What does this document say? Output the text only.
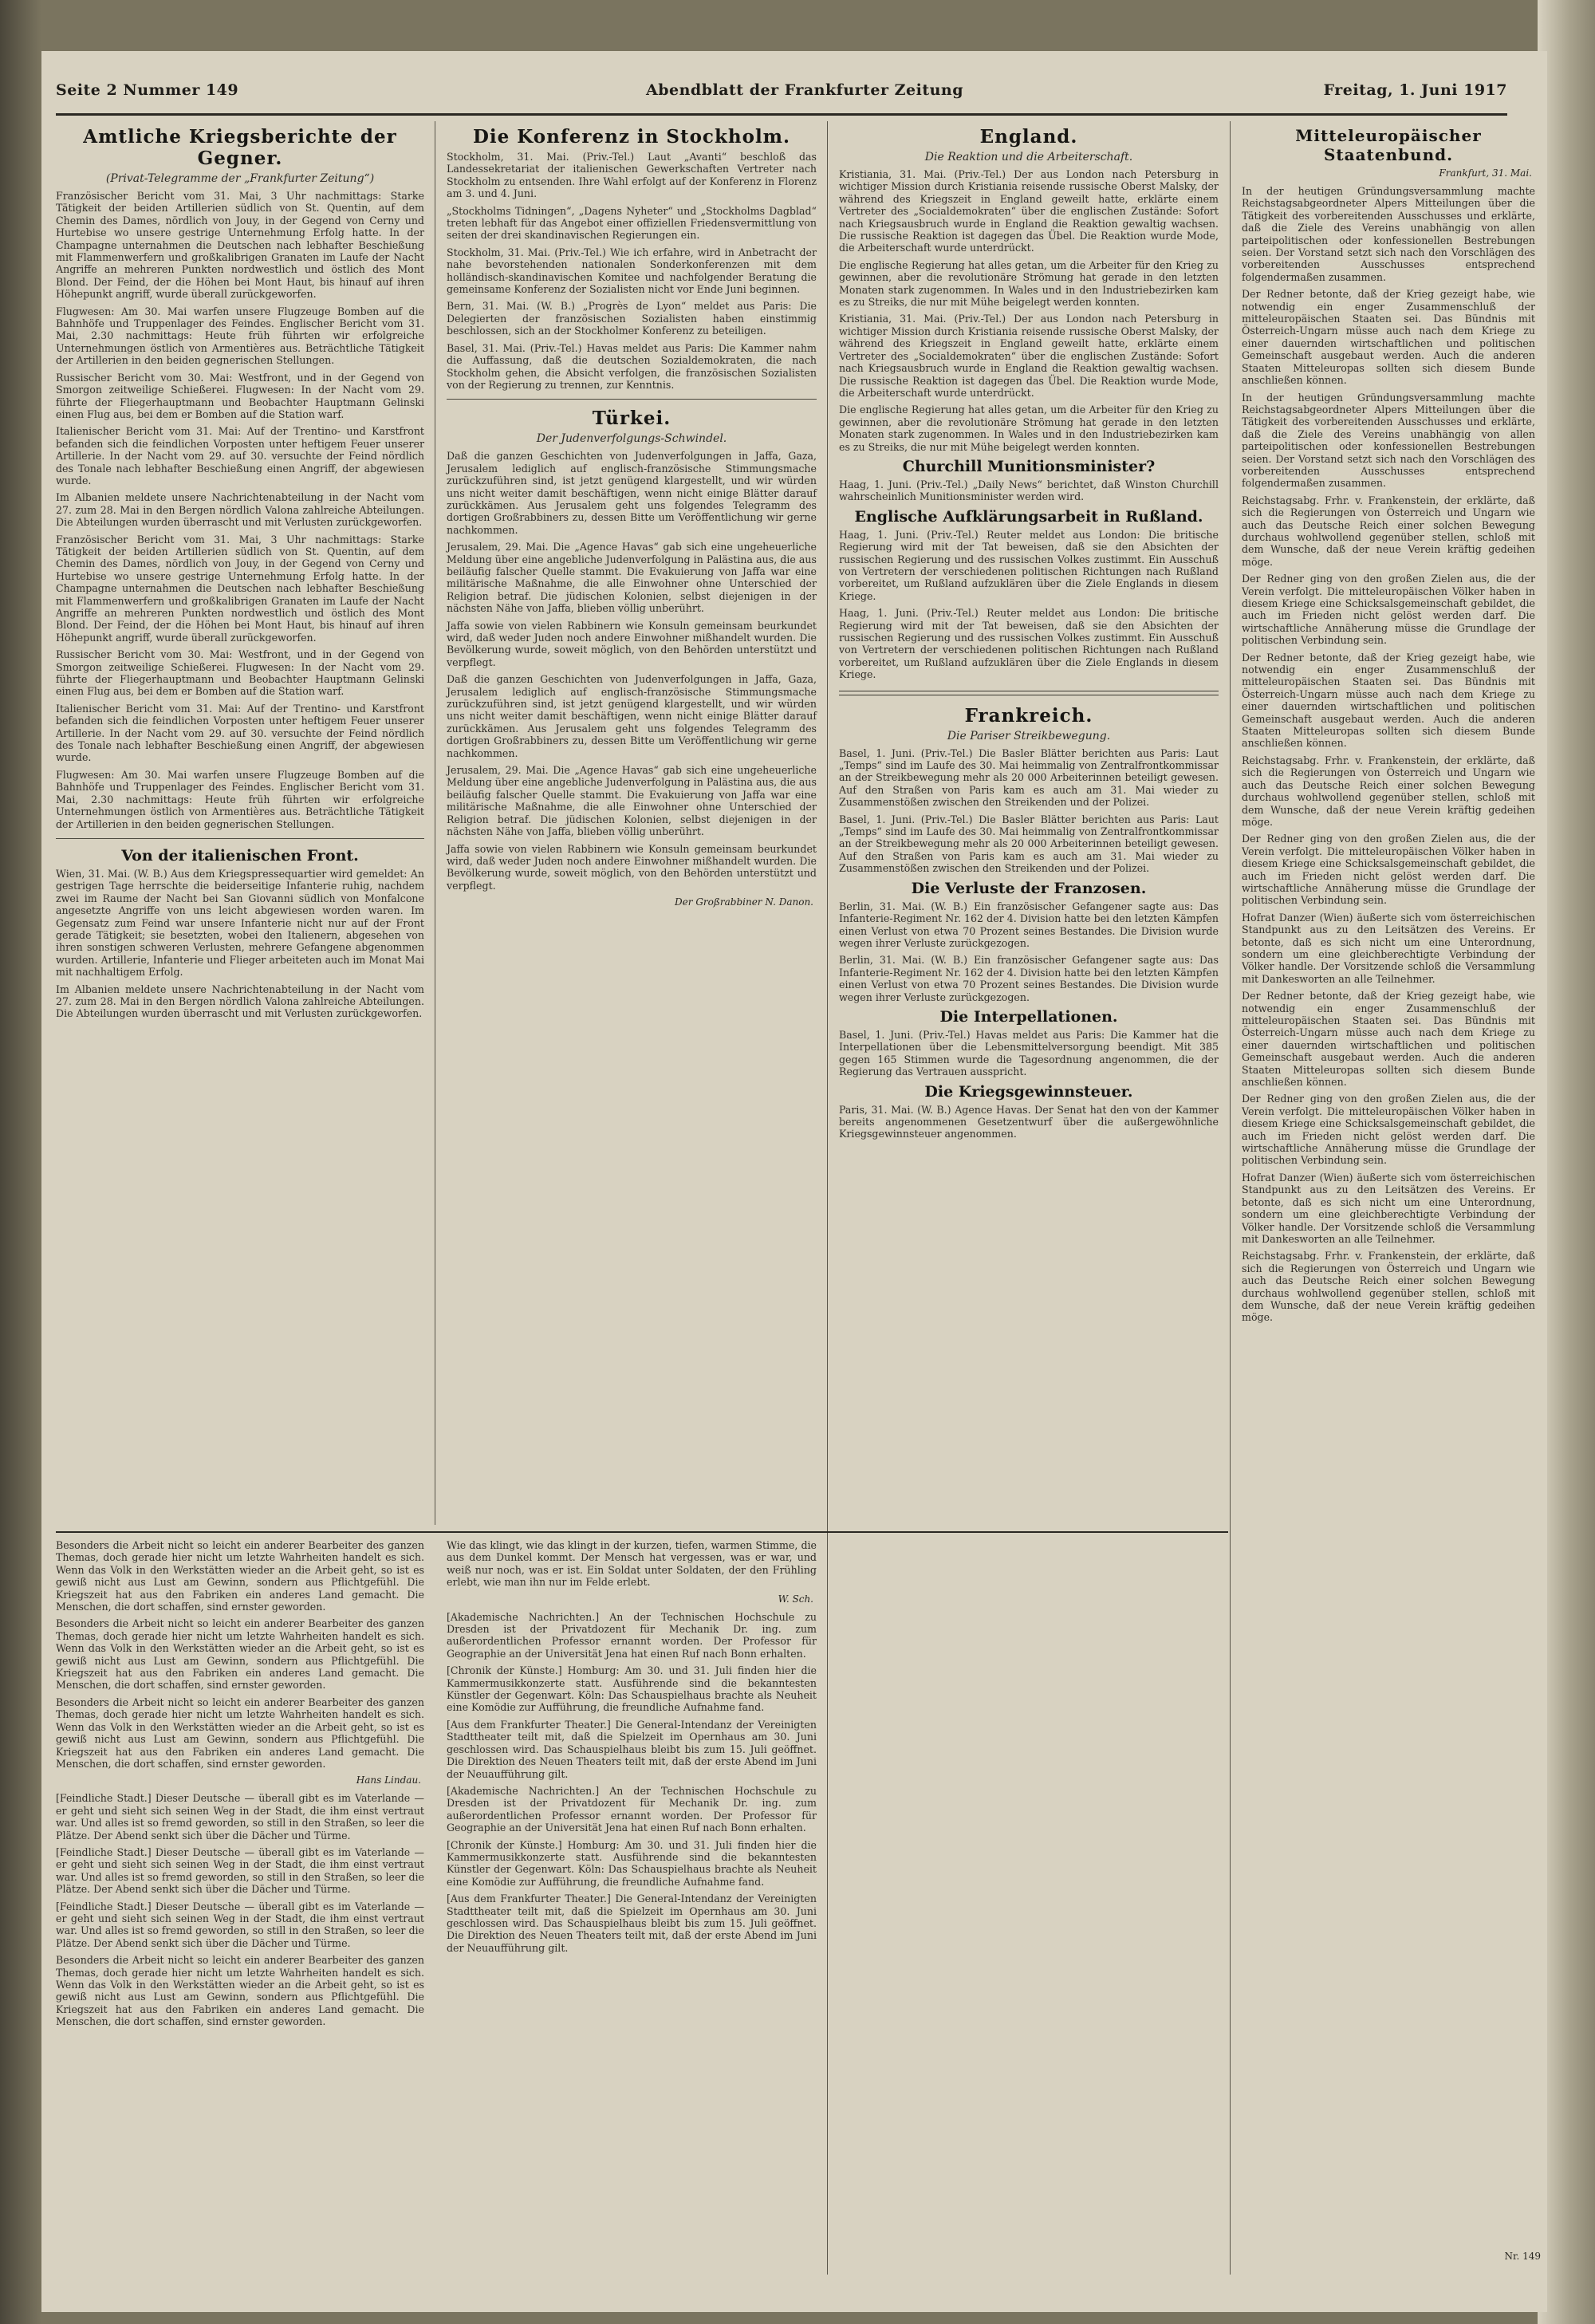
Seite 2 Nummer 149	Abendblatt der Frankfurter Zeitung	Freitag, 1. Juni 1917
Amtliche Kriegsberichte der Gegner.
(Privat-Telegramme der „Frankfurter Zeitung“)

Französischer Bericht vom 31. Mai, 3 Uhr nachmittags: Starke Tätigkeit der beiden Artillerien südlich von St. Quentin, auf dem Chemin des Dames, nördlich von Jouy, in der Gegend von Cerny und Hurtebise wo unsere gestrige Unternehmung Erfolg hatte. In der Champagne unternahmen die Deutschen nach lebhafter Beschießung mit Flammenwerfern und großkalibrigen Granaten im Laufe der Nacht Angriffe an mehreren Punkten nordwestlich und östlich des Mont Blond. Der Feind, der die Höhen bei Mont Haut, bis hinauf auf ihren Höhepunkt angriff, wurde überall zurückgeworfen.

Flugwesen: Am 30. Mai warfen unsere Flugzeuge Bomben auf die Bahnhöfe und Truppenlager des Feindes. Englischer Bericht vom 31. Mai, 2.30 nachmittags: Heute früh führten wir erfolgreiche Unternehmungen östlich von Armentières aus. Beträchtliche Tätigkeit der Artillerien in den beiden gegnerischen Stellungen.

Russischer Bericht vom 30. Mai: Westfront, und in der Gegend von Smorgon zeitweilige Schießerei. Flugwesen: In der Nacht vom 29. führte der Fliegerhauptmann und Beobachter Hauptmann Gelinski einen Flug aus, bei dem er Bomben auf die Station warf.

Italienischer Bericht vom 31. Mai: Auf der Trentino- und Karstfront befanden sich die feindlichen Vorposten unter heftigem Feuer unserer Artillerie. In der Nacht vom 29. auf 30. versuchte der Feind nördlich des Tonale nach lebhafter Beschießung einen Angriff, der abgewiesen wurde.

Im Albanien meldete unsere Nachrichtenabteilung in der Nacht vom 27. zum 28. Mai in den Bergen nördlich Valona zahlreiche Abteilungen. Die Abteilungen wurden überrascht und mit Verlusten zurückgeworfen.

Französischer Bericht vom 31. Mai, 3 Uhr nachmittags: Starke Tätigkeit der beiden Artillerien südlich von St. Quentin, auf dem Chemin des Dames, nördlich von Jouy, in der Gegend von Cerny und Hurtebise wo unsere gestrige Unternehmung Erfolg hatte. In der Champagne unternahmen die Deutschen nach lebhafter Beschießung mit Flammenwerfern und großkalibrigen Granaten im Laufe der Nacht Angriffe an mehreren Punkten nordwestlich und östlich des Mont Blond. Der Feind, der die Höhen bei Mont Haut, bis hinauf auf ihren Höhepunkt angriff, wurde überall zurückgeworfen.

Russischer Bericht vom 30. Mai: Westfront, und in der Gegend von Smorgon zeitweilige Schießerei. Flugwesen: In der Nacht vom 29. führte der Fliegerhauptmann und Beobachter Hauptmann Gelinski einen Flug aus, bei dem er Bomben auf die Station warf.

Italienischer Bericht vom 31. Mai: Auf der Trentino- und Karstfront befanden sich die feindlichen Vorposten unter heftigem Feuer unserer Artillerie. In der Nacht vom 29. auf 30. versuchte der Feind nördlich des Tonale nach lebhafter Beschießung einen Angriff, der abgewiesen wurde.

Flugwesen: Am 30. Mai warfen unsere Flugzeuge Bomben auf die Bahnhöfe und Truppenlager des Feindes. Englischer Bericht vom 31. Mai, 2.30 nachmittags: Heute früh führten wir erfolgreiche Unternehmungen östlich von Armentières aus. Beträchtliche Tätigkeit der Artillerien in den beiden gegnerischen Stellungen.

Von der italienischen Front.

Wien, 31. Mai. (W. B.) Aus dem Kriegspressequartier wird gemeldet: An gestrigen Tage herrschte die beiderseitige Infanterie ruhig, nachdem zwei im Raume der Nacht bei San Giovanni südlich von Monfalcone angesetzte Angriffe von uns leicht abgewiesen worden waren. Im Gegensatz zum Feind war unsere Infanterie nicht nur auf der Front gerade Tätigkeit; sie besetzten, wobei den Italienern, abgesehen von ihren sonstigen schweren Verlusten, mehrere Gefangene abgenommen wurden. Artillerie, Infanterie und Flieger arbeiteten auch im Monat Mai mit nachhaltigem Erfolg.

Im Albanien meldete unsere Nachrichtenabteilung in der Nacht vom 27. zum 28. Mai in den Bergen nördlich Valona zahlreiche Abteilungen. Die Abteilungen wurden überrascht und mit Verlusten zurückgeworfen.

Die Konferenz in Stockholm.

Stockholm, 31. Mai. (Priv.-Tel.) Laut „Avanti“ beschloß das Landessekretariat der italienischen Gewerkschaften Vertreter nach Stockholm zu entsenden. Ihre Wahl erfolgt auf der Konferenz in Florenz am 3. und 4. Juni.

„Stockholms Tidningen“, „Dagens Nyheter“ und „Stockholms Dagblad“ treten lebhaft für das Angebot einer offiziellen Friedensvermittlung von seiten der drei skandinavischen Regierungen ein.

Stockholm, 31. Mai. (Priv.-Tel.) Wie ich erfahre, wird in Anbetracht der nahe bevorstehenden nationalen Sonderkonferenzen mit dem holländisch-skandinavischen Komitee und nachfolgender Beratung die gemeinsame Konferenz der Sozialisten nicht vor Ende Juni beginnen.

Bern, 31. Mai. (W. B.) „Progrès de Lyon“ meldet aus Paris: Die Delegierten der französischen Sozialisten haben einstimmig beschlossen, sich an der Stockholmer Konferenz zu beteiligen.

Basel, 31. Mai. (Priv.-Tel.) Havas meldet aus Paris: Die Kammer nahm die Auffassung, daß die deutschen Sozialdemokraten, die nach Stockholm gehen, die Absicht verfolgen, die französischen Sozialisten von der Regierung zu trennen, zur Kenntnis.

Türkei.
Der Judenverfolgungs-Schwindel.

Daß die ganzen Geschichten von Judenverfolgungen in Jaffa, Gaza, Jerusalem lediglich auf englisch-französische Stimmungsmache zurückzuführen sind, ist jetzt genügend klargestellt, und wir würden uns nicht weiter damit beschäftigen, wenn nicht einige Blätter darauf zurückkämen. Aus Jerusalem geht uns folgendes Telegramm des dortigen Großrabbiners zu, dessen Bitte um Veröffentlichung wir gerne nachkommen.

Jerusalem, 29. Mai. Die „Agence Havas“ gab sich eine ungeheuerliche Meldung über eine angebliche Judenverfolgung in Palästina aus, die aus beiläufig falscher Quelle stammt. Die Evakuierung von Jaffa war eine militärische Maßnahme, die alle Einwohner ohne Unterschied der Religion betraf. Die jüdischen Kolonien, selbst diejenigen in der nächsten Nähe von Jaffa, blieben völlig unberührt.

Jaffa sowie von vielen Rabbinern wie Konsuln gemeinsam beurkundet wird, daß weder Juden noch andere Einwohner mißhandelt wurden. Die Bevölkerung wurde, soweit möglich, von den Behörden unterstützt und verpflegt.

Daß die ganzen Geschichten von Judenverfolgungen in Jaffa, Gaza, Jerusalem lediglich auf englisch-französische Stimmungsmache zurückzuführen sind, ist jetzt genügend klargestellt, und wir würden uns nicht weiter damit beschäftigen, wenn nicht einige Blätter darauf zurückkämen. Aus Jerusalem geht uns folgendes Telegramm des dortigen Großrabbiners zu, dessen Bitte um Veröffentlichung wir gerne nachkommen.

Jerusalem, 29. Mai. Die „Agence Havas“ gab sich eine ungeheuerliche Meldung über eine angebliche Judenverfolgung in Palästina aus, die aus beiläufig falscher Quelle stammt. Die Evakuierung von Jaffa war eine militärische Maßnahme, die alle Einwohner ohne Unterschied der Religion betraf. Die jüdischen Kolonien, selbst diejenigen in der nächsten Nähe von Jaffa, blieben völlig unberührt.

Jaffa sowie von vielen Rabbinern wie Konsuln gemeinsam beurkundet wird, daß weder Juden noch andere Einwohner mißhandelt wurden. Die Bevölkerung wurde, soweit möglich, von den Behörden unterstützt und verpflegt.

Der Großrabbiner N. Danon.
England.
Die Reaktion und die Arbeiterschaft.

Kristiania, 31. Mai. (Priv.-Tel.) Der aus London nach Petersburg in wichtiger Mission durch Kristiania reisende russische Oberst Malsky, der während des Kriegszeit in England geweilt hatte, erklärte einem Vertreter des „Socialdemokraten“ über die englischen Zustände: Sofort nach Kriegsausbruch wurde in England die Reaktion gewaltig wachsen. Die russische Reaktion ist dagegen das Übel. Die Reaktion wurde Mode, die Arbeiterschaft wurde unterdrückt.

Die englische Regierung hat alles getan, um die Arbeiter für den Krieg zu gewinnen, aber die revolutionäre Strömung hat gerade in den letzten Monaten stark zugenommen. In Wales und in den Industriebezirken kam es zu Streiks, die nur mit Mühe beigelegt werden konnten.

Kristiania, 31. Mai. (Priv.-Tel.) Der aus London nach Petersburg in wichtiger Mission durch Kristiania reisende russische Oberst Malsky, der während des Kriegszeit in England geweilt hatte, erklärte einem Vertreter des „Socialdemokraten“ über die englischen Zustände: Sofort nach Kriegsausbruch wurde in England die Reaktion gewaltig wachsen. Die russische Reaktion ist dagegen das Übel. Die Reaktion wurde Mode, die Arbeiterschaft wurde unterdrückt.

Die englische Regierung hat alles getan, um die Arbeiter für den Krieg zu gewinnen, aber die revolutionäre Strömung hat gerade in den letzten Monaten stark zugenommen. In Wales und in den Industriebezirken kam es zu Streiks, die nur mit Mühe beigelegt werden konnten.

Churchill Munitionsminister?

Haag, 1. Juni. (Priv.-Tel.) „Daily News“ berichtet, daß Winston Churchill wahrscheinlich Munitionsminister werden wird.

Englische Aufklärungsarbeit in Rußland.

Haag, 1. Juni. (Priv.-Tel.) Reuter meldet aus London: Die britische Regierung wird mit der Tat beweisen, daß sie den Absichten der russischen Regierung und des russischen Volkes zustimmt. Ein Ausschuß von Vertretern der verschiedenen politischen Richtungen nach Rußland vorbereitet, um Rußland aufzuklären über die Ziele Englands in diesem Kriege.

Haag, 1. Juni. (Priv.-Tel.) Reuter meldet aus London: Die britische Regierung wird mit der Tat beweisen, daß sie den Absichten der russischen Regierung und des russischen Volkes zustimmt. Ein Ausschuß von Vertretern der verschiedenen politischen Richtungen nach Rußland vorbereitet, um Rußland aufzuklären über die Ziele Englands in diesem Kriege.

Frankreich.
Die Pariser Streikbewegung.

Basel, 1. Juni. (Priv.-Tel.) Die Basler Blätter berichten aus Paris: Laut „Temps“ sind im Laufe des 30. Mai heimmalig von Zentralfrontkommissar an der Streikbewegung mehr als 20 000 Arbeiterinnen beteiligt gewesen. Auf den Straßen von Paris kam es auch am 31. Mai wieder zu Zusammenstößen zwischen den Streikenden und der Polizei.

Basel, 1. Juni. (Priv.-Tel.) Die Basler Blätter berichten aus Paris: Laut „Temps“ sind im Laufe des 30. Mai heimmalig von Zentralfrontkommissar an der Streikbewegung mehr als 20 000 Arbeiterinnen beteiligt gewesen. Auf den Straßen von Paris kam es auch am 31. Mai wieder zu Zusammenstößen zwischen den Streikenden und der Polizei.

Die Verluste der Franzosen.

Berlin, 31. Mai. (W. B.) Ein französischer Gefangener sagte aus: Das Infanterie-Regiment Nr. 162 der 4. Division hatte bei den letzten Kämpfen einen Verlust von etwa 70 Prozent seines Bestandes. Die Division wurde wegen ihrer Verluste zurückgezogen.

Berlin, 31. Mai. (W. B.) Ein französischer Gefangener sagte aus: Das Infanterie-Regiment Nr. 162 der 4. Division hatte bei den letzten Kämpfen einen Verlust von etwa 70 Prozent seines Bestandes. Die Division wurde wegen ihrer Verluste zurückgezogen.

Die Interpellationen.

Basel, 1. Juni. (Priv.-Tel.) Havas meldet aus Paris: Die Kammer hat die Interpellationen über die Lebensmittelversorgung beendigt. Mit 385 gegen 165 Stimmen wurde die Tagesordnung angenommen, die der Regierung das Vertrauen ausspricht.

Die Kriegsgewinnsteuer.

Paris, 31. Mai. (W. B.) Agence Havas. Der Senat hat den von der Kammer bereits angenommenen Gesetzentwurf über die außergewöhnliche Kriegsgewinnsteuer angenommen.

Mitteleuropäischer Staatenbund.
Frankfurt, 31. Mai.

In der heutigen Gründungsversammlung machte Reichstagsabgeordneter Alpers Mitteilungen über die Tätigkeit des vorbereitenden Ausschusses und erklärte, daß die Ziele des Vereins unabhängig von allen parteipolitischen oder konfessionellen Bestrebungen seien. Der Vorstand setzt sich nach den Vorschlägen des vorbereitenden Ausschusses entsprechend folgendermaßen zusammen.

Der Redner betonte, daß der Krieg gezeigt habe, wie notwendig ein enger Zusammenschluß der mitteleuropäischen Staaten sei. Das Bündnis mit Österreich-Ungarn müsse auch nach dem Kriege zu einer dauernden wirtschaftlichen und politischen Gemeinschaft ausgebaut werden. Auch die anderen Staaten Mitteleuropas sollten sich diesem Bunde anschließen können.

In der heutigen Gründungsversammlung machte Reichstagsabgeordneter Alpers Mitteilungen über die Tätigkeit des vorbereitenden Ausschusses und erklärte, daß die Ziele des Vereins unabhängig von allen parteipolitischen oder konfessionellen Bestrebungen seien. Der Vorstand setzt sich nach den Vorschlägen des vorbereitenden Ausschusses entsprechend folgendermaßen zusammen.

Reichstagsabg. Frhr. v. Frankenstein, der erklärte, daß sich die Regierungen von Österreich und Ungarn wie auch das Deutsche Reich einer solchen Bewegung durchaus wohlwollend gegenüber stellen, schloß mit dem Wunsche, daß der neue Verein kräftig gedeihen möge.

Der Redner ging von den großen Zielen aus, die der Verein verfolgt. Die mitteleuropäischen Völker haben in diesem Kriege eine Schicksalsgemeinschaft gebildet, die auch im Frieden nicht gelöst werden darf. Die wirtschaftliche Annäherung müsse die Grundlage der politischen Verbindung sein.

Der Redner betonte, daß der Krieg gezeigt habe, wie notwendig ein enger Zusammenschluß der mitteleuropäischen Staaten sei. Das Bündnis mit Österreich-Ungarn müsse auch nach dem Kriege zu einer dauernden wirtschaftlichen und politischen Gemeinschaft ausgebaut werden. Auch die anderen Staaten Mitteleuropas sollten sich diesem Bunde anschließen können.

Reichstagsabg. Frhr. v. Frankenstein, der erklärte, daß sich die Regierungen von Österreich und Ungarn wie auch das Deutsche Reich einer solchen Bewegung durchaus wohlwollend gegenüber stellen, schloß mit dem Wunsche, daß der neue Verein kräftig gedeihen möge.

Der Redner ging von den großen Zielen aus, die der Verein verfolgt. Die mitteleuropäischen Völker haben in diesem Kriege eine Schicksalsgemeinschaft gebildet, die auch im Frieden nicht gelöst werden darf. Die wirtschaftliche Annäherung müsse die Grundlage der politischen Verbindung sein.

Hofrat Danzer (Wien) äußerte sich vom österreichischen Standpunkt aus zu den Leitsätzen des Vereins. Er betonte, daß es sich nicht um eine Unterordnung, sondern um eine gleichberechtigte Verbindung der Völker handle. Der Vorsitzende schloß die Versammlung mit Dankesworten an alle Teilnehmer.

Der Redner betonte, daß der Krieg gezeigt habe, wie notwendig ein enger Zusammenschluß der mitteleuropäischen Staaten sei. Das Bündnis mit Österreich-Ungarn müsse auch nach dem Kriege zu einer dauernden wirtschaftlichen und politischen Gemeinschaft ausgebaut werden. Auch die anderen Staaten Mitteleuropas sollten sich diesem Bunde anschließen können.

Der Redner ging von den großen Zielen aus, die der Verein verfolgt. Die mitteleuropäischen Völker haben in diesem Kriege eine Schicksalsgemeinschaft gebildet, die auch im Frieden nicht gelöst werden darf. Die wirtschaftliche Annäherung müsse die Grundlage der politischen Verbindung sein.

Hofrat Danzer (Wien) äußerte sich vom österreichischen Standpunkt aus zu den Leitsätzen des Vereins. Er betonte, daß es sich nicht um eine Unterordnung, sondern um eine gleichberechtigte Verbindung der Völker handle. Der Vorsitzende schloß die Versammlung mit Dankesworten an alle Teilnehmer.

Reichstagsabg. Frhr. v. Frankenstein, der erklärte, daß sich die Regierungen von Österreich und Ungarn wie auch das Deutsche Reich einer solchen Bewegung durchaus wohlwollend gegenüber stellen, schloß mit dem Wunsche, daß der neue Verein kräftig gedeihen möge.

Besonders die Arbeit nicht so leicht ein anderer Bearbeiter des ganzen Themas, doch gerade hier nicht um letzte Wahrheiten handelt es sich. Wenn das Volk in den Werkstätten wieder an die Arbeit geht, so ist es gewiß nicht aus Lust am Gewinn, sondern aus Pflichtgefühl. Die Kriegszeit hat aus den Fabriken ein anderes Land gemacht. Die Menschen, die dort schaffen, sind ernster geworden.

Besonders die Arbeit nicht so leicht ein anderer Bearbeiter des ganzen Themas, doch gerade hier nicht um letzte Wahrheiten handelt es sich. Wenn das Volk in den Werkstätten wieder an die Arbeit geht, so ist es gewiß nicht aus Lust am Gewinn, sondern aus Pflichtgefühl. Die Kriegszeit hat aus den Fabriken ein anderes Land gemacht. Die Menschen, die dort schaffen, sind ernster geworden.

Besonders die Arbeit nicht so leicht ein anderer Bearbeiter des ganzen Themas, doch gerade hier nicht um letzte Wahrheiten handelt es sich. Wenn das Volk in den Werkstätten wieder an die Arbeit geht, so ist es gewiß nicht aus Lust am Gewinn, sondern aus Pflichtgefühl. Die Kriegszeit hat aus den Fabriken ein anderes Land gemacht. Die Menschen, die dort schaffen, sind ernster geworden.

Hans Lindau.

[Feindliche Stadt.] Dieser Deutsche — überall gibt es im Vaterlande — er geht und sieht sich seinen Weg in der Stadt, die ihm einst vertraut war. Und alles ist so fremd geworden, so still in den Straßen, so leer die Plätze. Der Abend senkt sich über die Dächer und Türme.

[Feindliche Stadt.] Dieser Deutsche — überall gibt es im Vaterlande — er geht und sieht sich seinen Weg in der Stadt, die ihm einst vertraut war. Und alles ist so fremd geworden, so still in den Straßen, so leer die Plätze. Der Abend senkt sich über die Dächer und Türme.

[Feindliche Stadt.] Dieser Deutsche — überall gibt es im Vaterlande — er geht und sieht sich seinen Weg in der Stadt, die ihm einst vertraut war. Und alles ist so fremd geworden, so still in den Straßen, so leer die Plätze. Der Abend senkt sich über die Dächer und Türme.

Besonders die Arbeit nicht so leicht ein anderer Bearbeiter des ganzen Themas, doch gerade hier nicht um letzte Wahrheiten handelt es sich. Wenn das Volk in den Werkstätten wieder an die Arbeit geht, so ist es gewiß nicht aus Lust am Gewinn, sondern aus Pflichtgefühl. Die Kriegszeit hat aus den Fabriken ein anderes Land gemacht. Die Menschen, die dort schaffen, sind ernster geworden.

Wie das klingt, wie das klingt in der kurzen, tiefen, warmen Stimme, die aus dem Dunkel kommt. Der Mensch hat vergessen, was er war, und weiß nur noch, was er ist. Ein Soldat unter Soldaten, der den Frühling erlebt, wie man ihn nur im Felde erlebt.

W. Sch.

[Akademische Nachrichten.] An der Technischen Hochschule zu Dresden ist der Privatdozent für Mechanik Dr. ing. zum außerordentlichen Professor ernannt worden. Der Professor für Geographie an der Universität Jena hat einen Ruf nach Bonn erhalten.

[Chronik der Künste.] Homburg: Am 30. und 31. Juli finden hier die Kammermusikkonzerte statt. Ausführende sind die bekanntesten Künstler der Gegenwart. Köln: Das Schauspielhaus brachte als Neuheit eine Komödie zur Aufführung, die freundliche Aufnahme fand.

[Aus dem Frankfurter Theater.] Die General-Intendanz der Vereinigten Stadttheater teilt mit, daß die Spielzeit im Opernhaus am 30. Juni geschlossen wird. Das Schauspielhaus bleibt bis zum 15. Juli geöffnet. Die Direktion des Neuen Theaters teilt mit, daß der erste Abend im Juni der Neuaufführung gilt.

[Akademische Nachrichten.] An der Technischen Hochschule zu Dresden ist der Privatdozent für Mechanik Dr. ing. zum außerordentlichen Professor ernannt worden. Der Professor für Geographie an der Universität Jena hat einen Ruf nach Bonn erhalten.

[Chronik der Künste.] Homburg: Am 30. und 31. Juli finden hier die Kammermusikkonzerte statt. Ausführende sind die bekanntesten Künstler der Gegenwart. Köln: Das Schauspielhaus brachte als Neuheit eine Komödie zur Aufführung, die freundliche Aufnahme fand.

[Aus dem Frankfurter Theater.] Die General-Intendanz der Vereinigten Stadttheater teilt mit, daß die Spielzeit im Opernhaus am 30. Juni geschlossen wird. Das Schauspielhaus bleibt bis zum 15. Juli geöffnet. Die Direktion des Neuen Theaters teilt mit, daß der erste Abend im Juni der Neuaufführung gilt.

Nr. 149
